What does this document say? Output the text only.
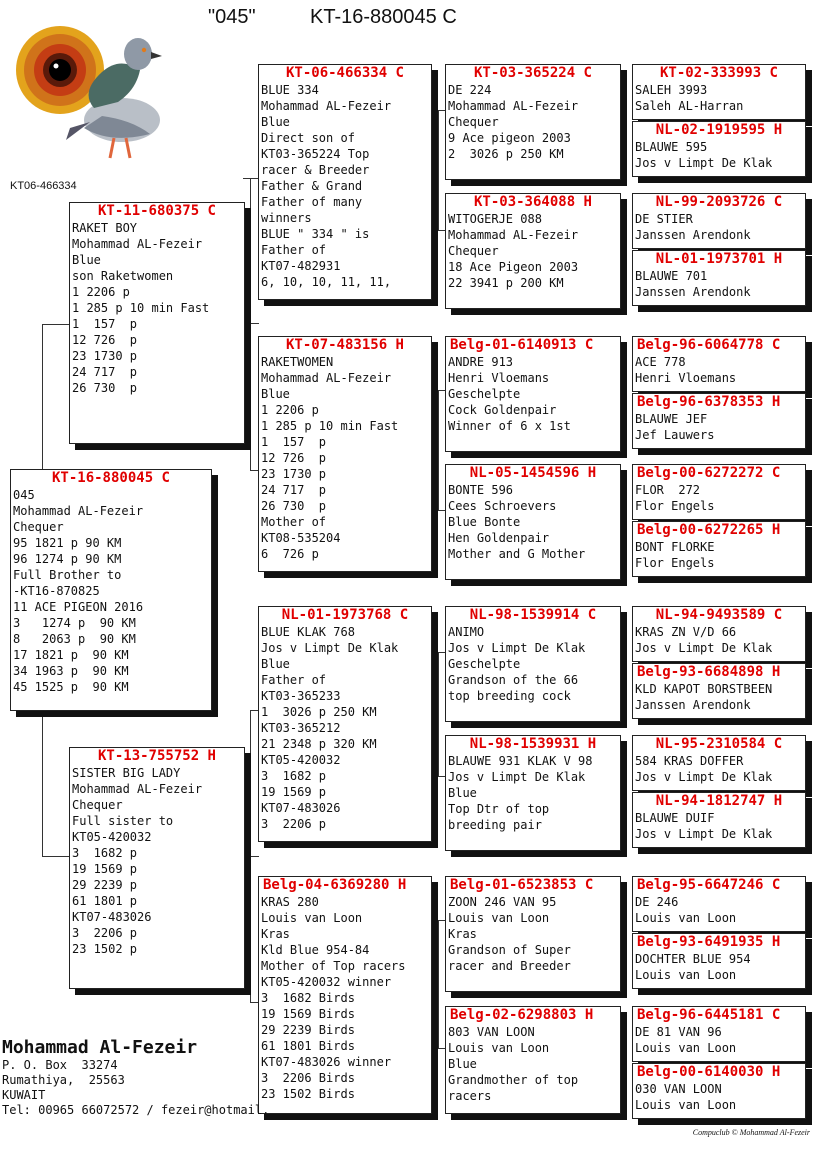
"045"	KT-16-880045 C
KT06-466334
KT-16-880045 C
045
Mohammad AL-Fezeir
Chequer
95 1821 p 90 KM
96 1274 p 90 KM
Full Brother to
-KT16-870825
11 ACE PIGEON 2016
3   1274 p  90 KM
8   2063 p  90 KM
17 1821 p  90 KM
34 1963 p  90 KM
45 1525 p  90 KM
KT-11-680375 C
RAKET BOY
Mohammad AL-Fezeir
Blue
son Raketwomen
1 2206 p
1 285 p 10 min Fast
1  157  p
12 726  p
23 1730 p
24 717  p
26 730  p
KT-13-755752 H
SISTER BIG LADY
Mohammad AL-Fezeir
Chequer
Full sister to
KT05-420032
3  1682 p
19 1569 p
29 2239 p
61 1801 p
KT07-483026
3  2206 p
23 1502 p
KT-06-466334 C
BLUE 334
Mohammad AL-Fezeir
Blue
Direct son of
KT03-365224 Top
racer & Breeder
Father & Grand
Father of many
winners
BLUE " 334 " is
Father of
KT07-482931
6, 10, 10, 11, 11,
KT-07-483156 H
RAKETWOMEN
Mohammad AL-Fezeir
Blue
1 2206 p
1 285 p 10 min Fast
1  157  p
12 726  p
23 1730 p
24 717  p
26 730  p
Mother of
KT08-535204
6  726 p
NL-01-1973768 C
BLUE KLAK 768
Jos v Limpt De Klak
Blue
Father of
KT03-365233
1  3026 p 250 KM
KT03-365212
21 2348 p 320 KM
KT05-420032
3  1682 p
19 1569 p
KT07-483026
3  2206 p
Belg-04-6369280 H
KRAS 280
Louis van Loon
Kras
Kld Blue 954-84
Mother of Top racers
KT05-420032 winner
3  1682 Birds
19 1569 Birds
29 2239 Birds
61 1801 Birds
KT07-483026 winner
3  2206 Birds
23 1502 Birds
KT-03-365224 C
DE 224
Mohammad AL-Fezeir
Chequer
9 Ace pigeon 2003
2  3026 p 250 KM
KT-03-364088 H
WITOGERJE 088
Mohammad AL-Fezeir
Chequer
18 Ace Pigeon 2003
22 3941 p 200 KM
Belg-01-6140913 C
ANDRE 913
Henri Vloemans
Geschelpte
Cock Goldenpair
Winner of 6 x 1st
NL-05-1454596 H
BONTE 596
Cees Schroevers
Blue Bonte
Hen Goldenpair
Mother and G Mother
NL-98-1539914 C
ANIMO
Jos v Limpt De Klak
Geschelpte
Grandson of the 66
top breeding cock
NL-98-1539931 H
BLAUWE 931 KLAK V 98
Jos v Limpt De Klak
Blue
Top Dtr of top
breeding pair
Belg-01-6523853 C
ZOON 246 VAN 95
Louis van Loon
Kras
Grandson of Super
racer and Breeder
Belg-02-6298803 H
803 VAN LOON
Louis van Loon
Blue
Grandmother of top
racers
KT-02-333993 C
SALEH 3993
Saleh AL-Harran
NL-02-1919595 H
BLAUWE 595
Jos v Limpt De Klak
NL-99-2093726 C
DE STIER
Janssen Arendonk
NL-01-1973701 H
BLAUWE 701
Janssen Arendonk
Belg-96-6064778 C
ACE 778
Henri Vloemans
Belg-96-6378353 H
BLAUWE JEF
Jef Lauwers
Belg-00-6272272 C
FLOR  272
Flor Engels
Belg-00-6272265 H
BONT FLORKE
Flor Engels
NL-94-9493589 C
KRAS ZN V/D 66
Jos v Limpt De Klak
Belg-93-6684898 H
KLD KAPOT BORSTBEEN
Janssen Arendonk
NL-95-2310584 C
584 KRAS DOFFER
Jos v Limpt De Klak
NL-94-1812747 H
BLAUWE DUIF
Jos v Limpt De Klak
Belg-95-6647246 C
DE 246
Louis van Loon
Belg-93-6491935 H
DOCHTER BLUE 954
Louis van Loon
Belg-96-6445181 C
DE 81 VAN 96
Louis van Loon
Belg-00-6140030 H
030 VAN LOON
Louis van Loon
Mohammad Al-Fezeir
P. O. Box  33274
Rumathiya,  25563
KUWAIT
Tel: 00965 66072572 / fezeir@hotmail.
Compuclub © Mohammad Al-Fezeir
